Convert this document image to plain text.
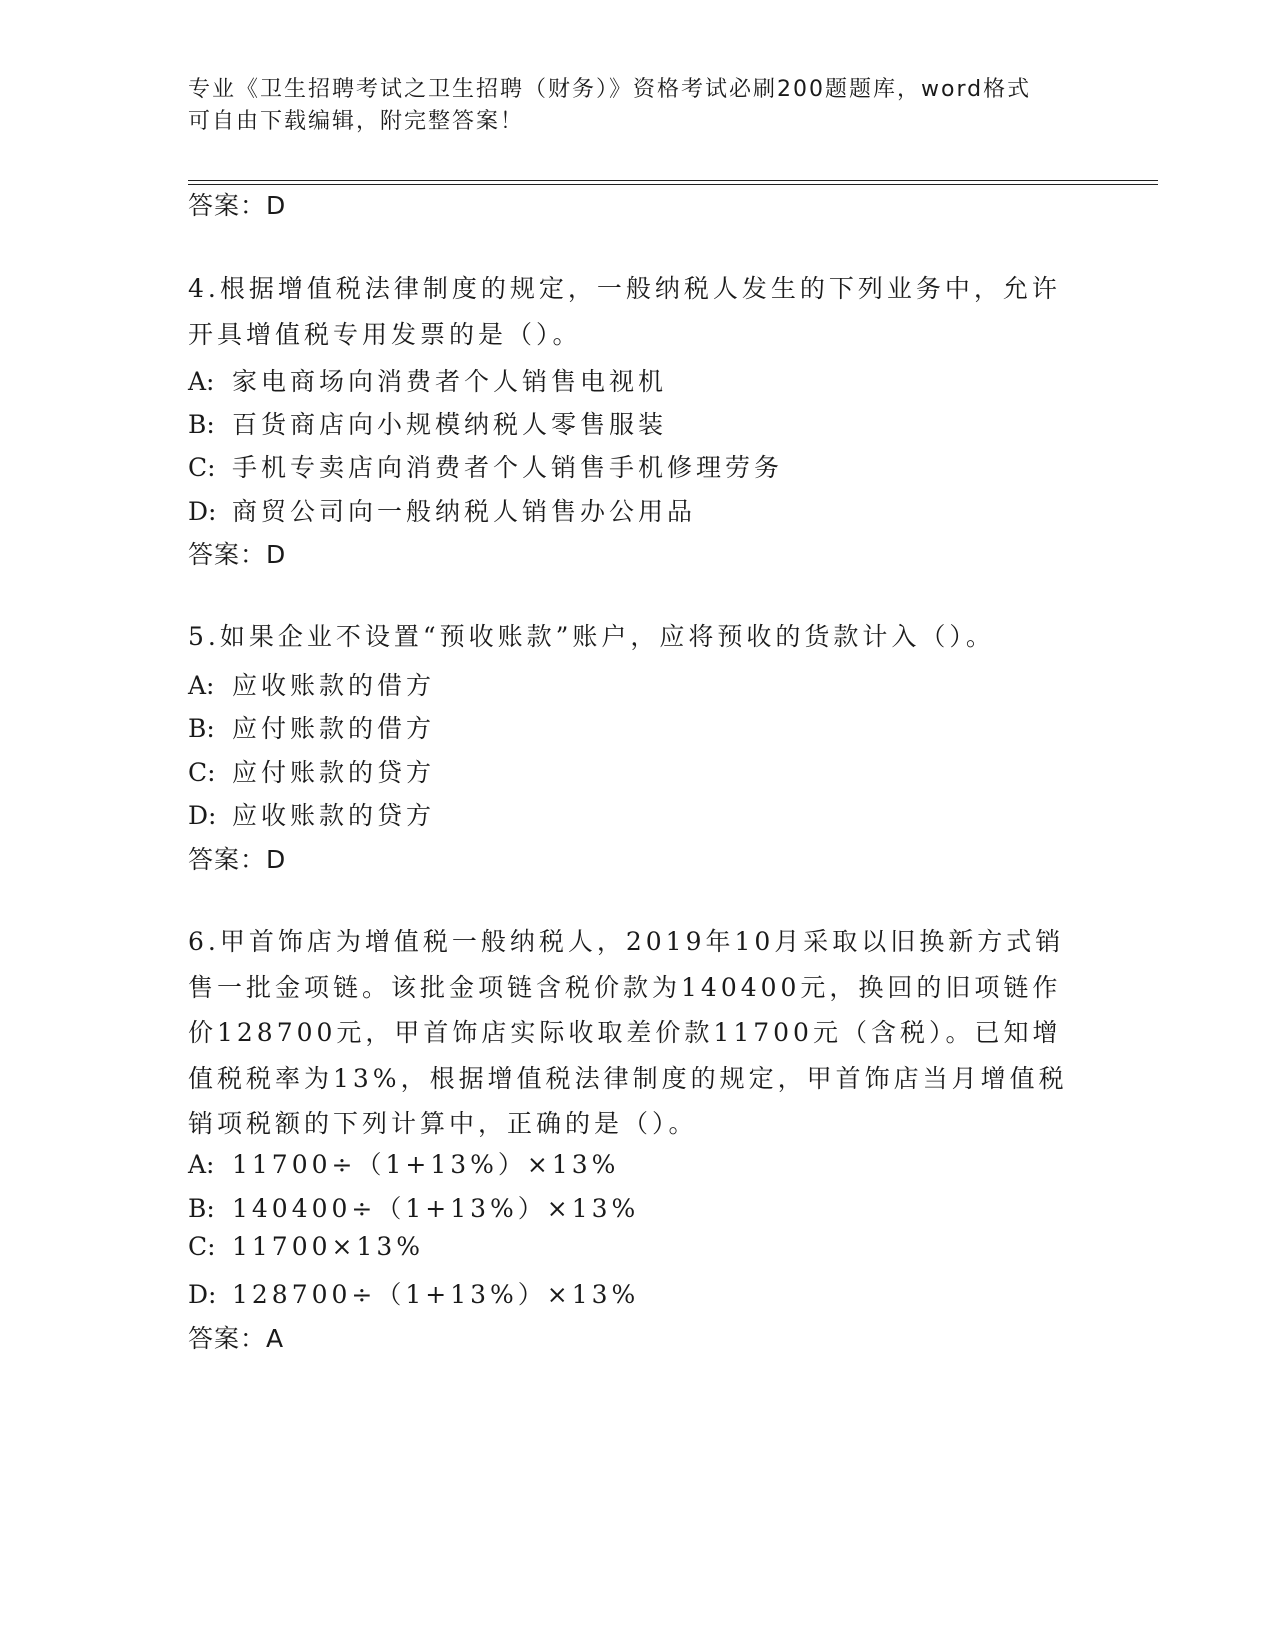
专业《卫生招聘考试之卫生招聘（财务）》资格考试必刷200题题库，word格式
可自由下载编辑，附完整答案！
答案：D

4.根据增值税法律制度的规定，一般纳税人发生的下列业务中，允许开具增值税专用发票的是（）。

A: 家电商场向消费者个人销售电视机
B: 百货商店向小规模纳税人零售服装
C: 手机专卖店向消费者个人销售手机修理劳务
D: 商贸公司向一般纳税人销售办公用品
答案：D

5.如果企业不设置“预收账款”账户，应将预收的货款计入（）。

A: 应收账款的借方
B: 应付账款的借方
C: 应付账款的贷方
D: 应收账款的贷方
答案：D

6.甲首饰店为增值税一般纳税人，2019年10月采取以旧换新方式销售一批金项链。该批金项链含税价款为140400元，换回的旧项链作价128700元，甲首饰店实际收取差价款11700元（含税）。已知增值税税率为13%，根据增值税法律制度的规定，甲首饰店当月增值税销项税额的下列计算中，正确的是（）。

A: 11700÷（1+13%）×13%
B: 140400÷（1+13%）×13%
C: 11700×13%
D: 128700÷（1+13%）×13%
答案：A
